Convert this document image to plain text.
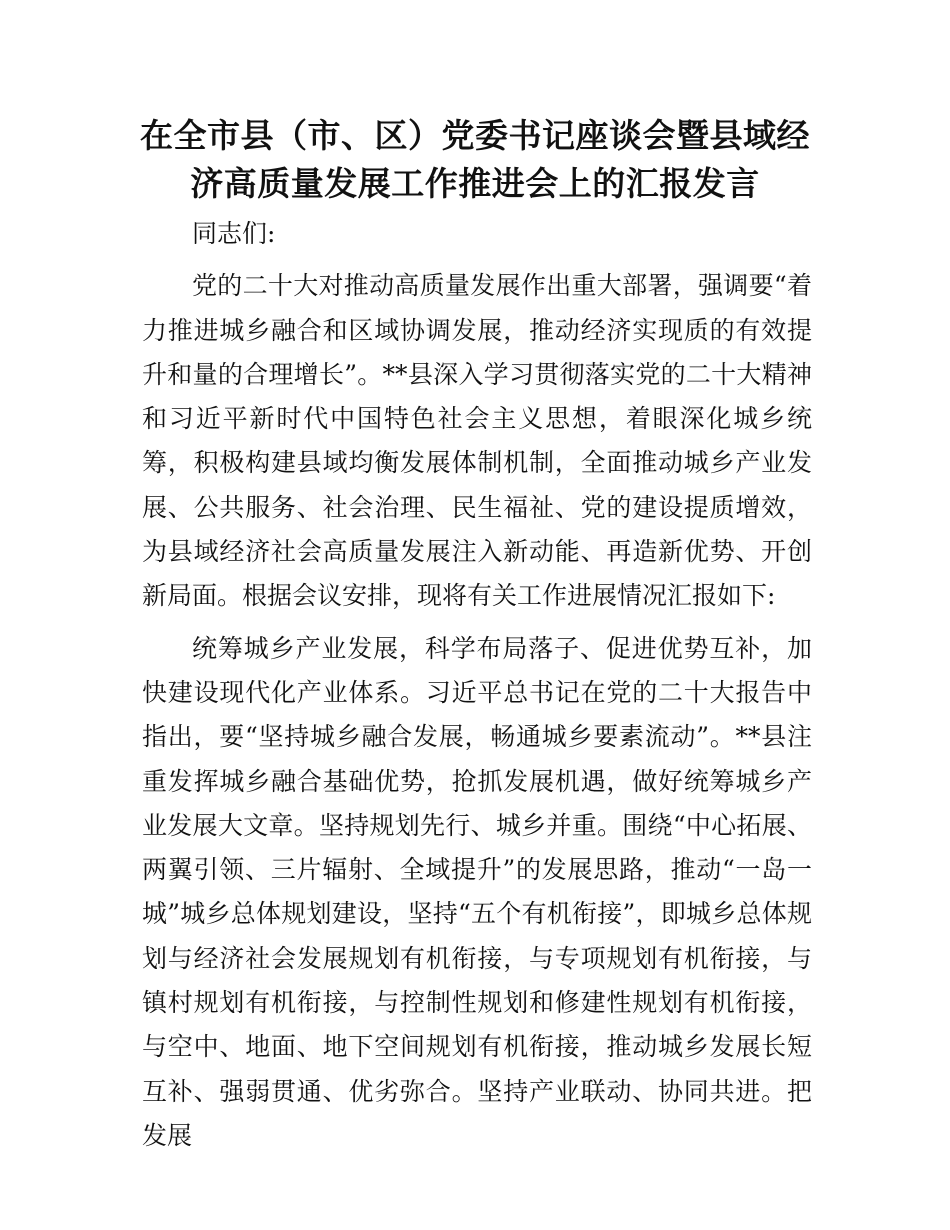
在全市县（市、区）党委书记座谈会暨县域经
济高质量发展工作推进会上的汇报发言

同志们:

党的二十大对推动高质量发展作出重大部署，强调要“着力推进城乡融合和区域协调发展，推动经济实现质的有效提升和量的合理增长”。**县深入学习贯彻落实党的二十大精神和习近平新时代中国特色社会主义思想，着眼深化城乡统筹，积极构建县域均衡发展体制机制，全面推动城乡产业发展、公共服务、社会治理、民生福祉、党的建设提质增效，为县域经济社会高质量发展注入新动能、再造新优势、开创新局面。根据会议安排，现将有关工作进展情况汇报如下:

统筹城乡产业发展，科学布局落子、促进优势互补，加快建设现代化产业体系。习近平总书记在党的二十大报告中指出，要“坚持城乡融合发展，畅通城乡要素流动”。**县注重发挥城乡融合基础优势，抢抓发展机遇，做好统筹城乡产业发展大文章。坚持规划先行、城乡并重。围绕“中心拓展、两翼引领、三片辐射、全域提升”的发展思路，推动“一岛一城”城乡总体规划建设，坚持“五个有机衔接”，即城乡总体规划与经济社会发展规划有机衔接，与专项规划有机衔接，与镇村规划有机衔接，与控制性规划和修建性规划有机衔接，与空中、地面、地下空间规划有机衔接，推动城乡发展长短互补、强弱贯通、优劣弥合。坚持产业联动、协同共进。把发展
